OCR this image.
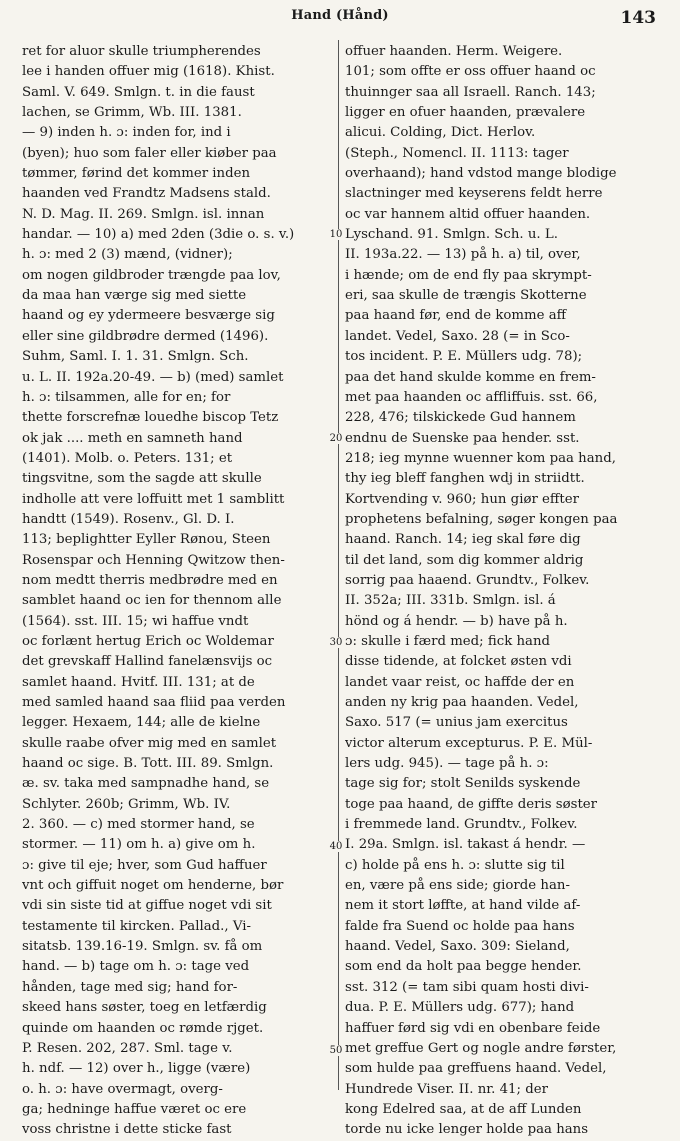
Hand (Hånd)	143
10
20
30
40
50
ret for aluor skulle triumpherendes
lee i handen offuer mig (1618). Khist.
Saml. V. 649. Smlgn. t. in die faust
lachen, se Grimm, Wb. III. 1381.
— 9) inden h. ɔ: inden for, ind i
(byen); huo som faler eller kiøber paa
tømmer, førind det kommer inden
haanden ved Frandtz Madsens stald.
N. D. Mag. II. 269. Smlgn. isl. innan
handar. — 10) a) med 2den (3die o. s. v.)
h. ɔ: med 2 (3) mænd, (vidner);
om nogen gildbroder trængde paa lov,
da maa han værge sig med siette
haand og ey ydermeere besværge sig
eller sine gildbrødre dermed (1496).
Suhm, Saml. I. 1. 31. Smlgn. Sch.
u. L. II. 192a.20-49. — b) (med) samlet
h. ɔ: tilsammen, alle for en; for
thette forscrefnæ louedhe biscop Tetz
ok jak .... meth en samneth hand
(1401). Molb. o. Peters. 131; et
tingsvitne, som the sagde att skulle
indholle att vere loffuitt met 1 samblitt
handtt (1549). Rosenv., Gl. D. I.
113; beplightter Eyller Rønou, Steen
Rosenspar och Henning Qwitzow then-
nom medtt therris medbrødre med en
samblet haand oc ien for thennom alle
(1564). sst. III. 15; wi haffue vndt
oc forlænt hertug Erich oc Woldemar
det grevskaff Hallind fanelænsvijs oc
samlet haand. Hvitf. III. 131; at de
med samled haand saa fliid paa verden
legger. Hexaem, 144; alle de kielne
skulle raabe ofver mig med en samlet
haand oc sige. B. Tott. III. 89. Smlgn.
æ. sv. taka med sampnadhe hand, se
Schlyter. 260b; Grimm, Wb. IV.
2. 360. — c) med stormer hand, se
stormer. — 11) om h. a) give om h.
ɔ: give til eje; hver, som Gud haffuer
vnt och giffuit noget om henderne, bør
vdi sin siste tid at giffue noget vdi sit
testamente til kircken. Pallad., Vi-
sitatsb. 139.16-19. Smlgn. sv. få om
hand. — b) tage om h. ɔ: tage ved
hånden, tage med sig; hand for-
skeed hans søster, toeg en letfærdig
quinde om haanden oc rømde rjget.
P. Resen. 202, 287. Sml. tage v.
h. ndf. — 12) over h., ligge (være)
o. h. ɔ: have overmagt, overg-
ga; hedninge haffue været oc ere
voss christne i dette sticke fast
offuer haanden. Herm. Weigere.
101; som offte er oss offuer haand oc
thuinnger saa all Israell. Ranch. 143;
ligger en ofuer haanden, prævalere
alicui. Colding, Dict. Herlov.
(Steph., Nomencl. II. 1113: tager
overhaand); hand vdstod mange blodige
slactninger med keyserens feldt herre
oc var hannem altid offuer haanden.
Lyschand. 91. Smlgn. Sch. u. L.
II. 193a.22. — 13) på h. a) til, over,
i hænde; om de end fly paa skrympt-
eri, saa skulle de trængis Skotterne
paa haand før, end de komme aff
landet. Vedel, Saxo. 28 (= in Sco-
tos incident. P. E. Müllers udg. 78);
paa det hand skulde komme en frem-
met paa haanden oc affliffuis. sst. 66,
228, 476; tilskickede Gud hannem
endnu de Suenske paa hender. sst.
218; ieg mynne wuenner kom paa hand,
thy ieg bleff fanghen wdj in striidtt.
Kortvending v. 960; hun giør effter
prophetens befalning, søger kongen paa
haand. Ranch. 14; ieg skal føre dig
til det land, som dig kommer aldrig
sorrig paa haaend. Grundtv., Folkev.
II. 352a; III. 331b. Smlgn. isl. á
hönd og á hendr. — b) have på h.
ɔ: skulle i færd med; fick hand
disse tidende, at folcket østen vdi
landet vaar reist, oc haffde der en
anden ny krig paa haanden. Vedel,
Saxo. 517 (= unius jam exercitus
victor alterum excepturus. P. E. Mül-
lers udg. 945). — tage på h. ɔ:
tage sig for; stolt Senilds syskende
toge paa haand, de giffte deris søster
i fremmede land. Grundtv., Folkev.
I. 29a. Smlgn. isl. takast á hendr. —
c) holde på ens h. ɔ: slutte sig til
en, være på ens side; giorde han-
nem it stort løffte, at hand vilde af-
falde fra Suend oc holde paa hans
haand. Vedel, Saxo. 309: Sieland,
som end da holt paa begge hender.
sst. 312 (= tam sibi quam hosti divi-
dua. P. E. Müllers udg. 677); hand
haffuer førd sig vdi en obenbare feide
met greffue Gert og nogle andre førster,
som hulde paa greffuens haand. Vedel,
Hundrede Viser. II. nr. 41; der
kong Edelred saa, at de aff Lunden
torde nu icke lenger holde paa hans
